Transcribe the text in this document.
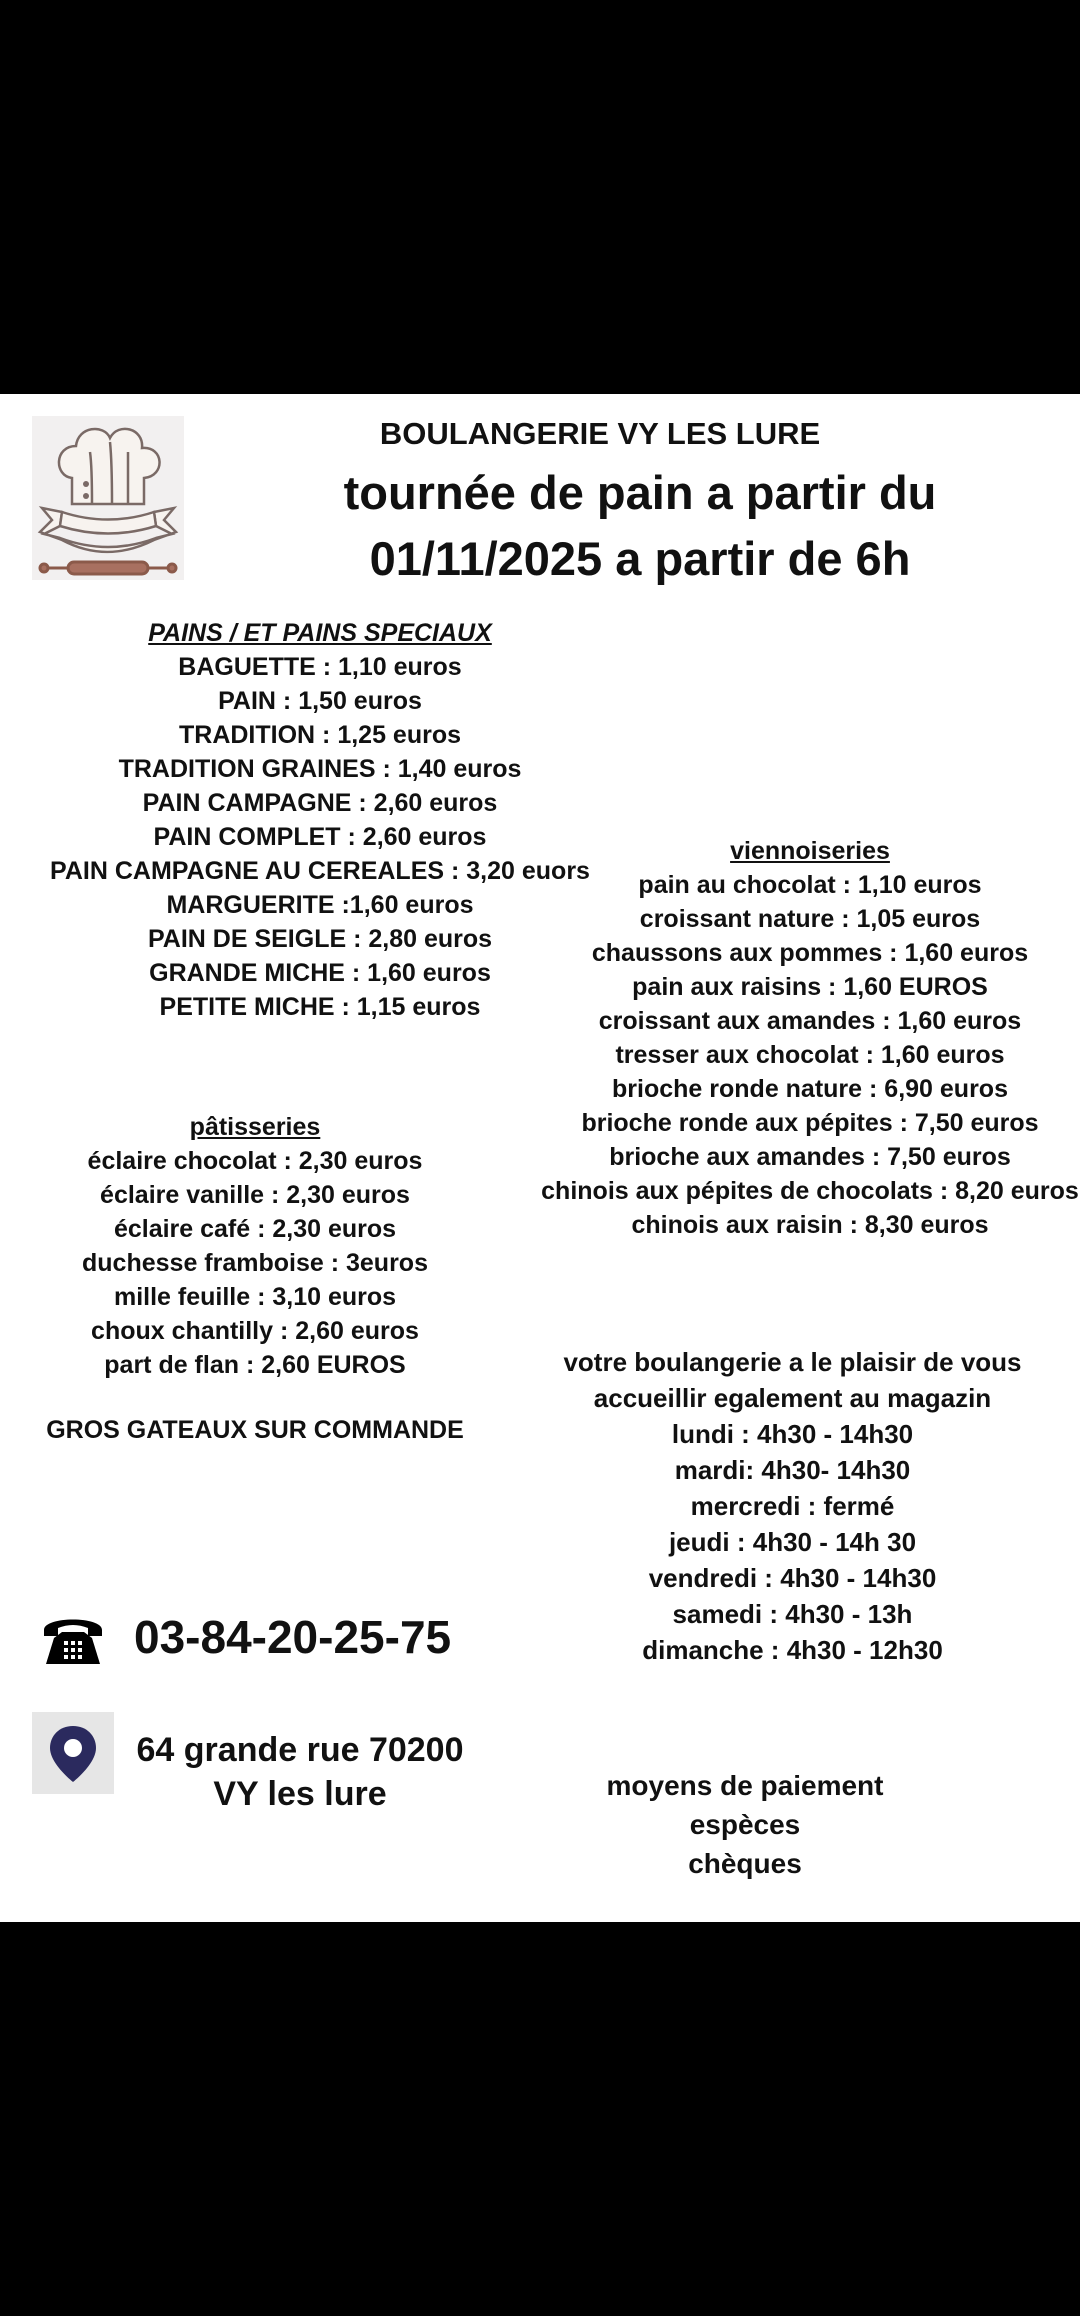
BOULANGERIE VY LES LURE
tournée de pain a partir du
01/11/2025 a partir de 6h
PAINS / ET PAINS SPECIAUX
BAGUETTE : 1,10 euros
PAIN : 1,50 euros
TRADITION : 1,25 euros
TRADITION GRAINES : 1,40 euros
PAIN CAMPAGNE : 2,60 euros
PAIN COMPLET : 2,60 euros
PAIN CAMPAGNE AU CEREALES : 3,20 euors
MARGUERITE :1,60 euros
PAIN DE SEIGLE : 2,80 euros
GRANDE MICHE : 1,60 euros
PETITE MICHE : 1,15 euros
viennoiseries
pain au chocolat : 1,10 euros
croissant nature : 1,05 euros
chaussons aux pommes : 1,60 euros
pain aux raisins : 1,60 EUROS
croissant aux amandes : 1,60 euros
tresser aux chocolat : 1,60 euros
brioche ronde nature : 6,90 euros
brioche ronde aux pépites : 7,50 euros
brioche aux amandes : 7,50 euros
chinois aux pépites de chocolats : 8,20 euros
chinois aux raisin : 8,30 euros
pâtisseries
éclaire chocolat : 2,30 euros
éclaire vanille : 2,30 euros
éclaire café : 2,30 euros
duchesse framboise : 3euros
mille feuille : 3,10 euros
choux chantilly : 2,60 euros
part de flan : 2,60 EUROS
GROS GATEAUX SUR COMMANDE
votre boulangerie a le plaisir de vous
accueillir egalement au magazin
lundi : 4h30 - 14h30
mardi: 4h30- 14h30
mercredi : fermé
jeudi : 4h30 - 14h 30
vendredi : 4h30 - 14h30
samedi : 4h30 - 13h
dimanche : 4h30 - 12h30
03-84-20-25-75
64 grande rue 70200
VY les lure	moyens de paiement
espèces
chèques
